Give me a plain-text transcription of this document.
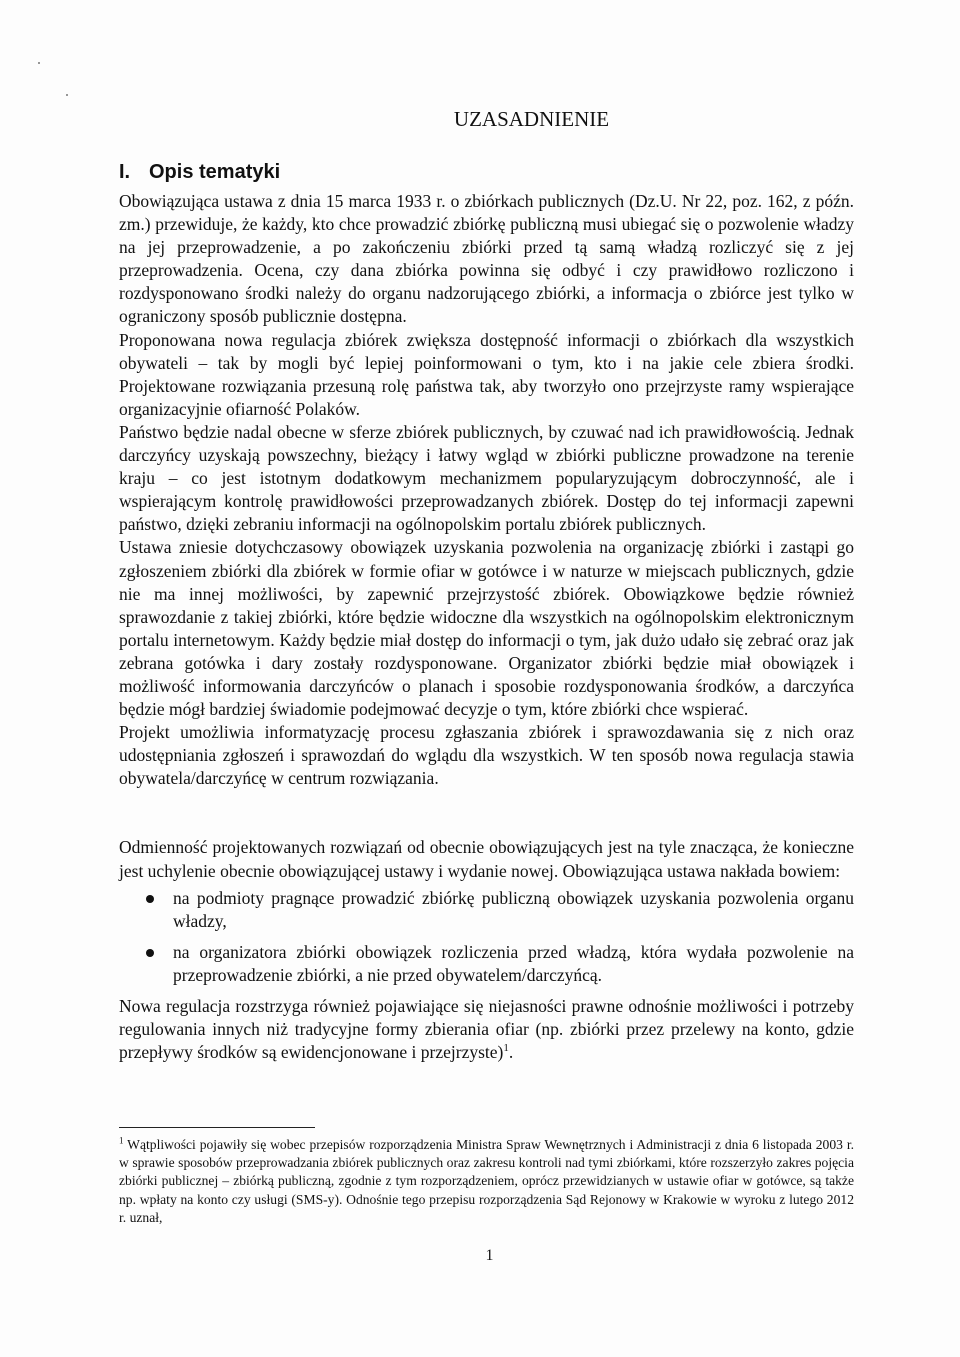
UZASADNIENIE
I. Opis tematyki

Obowiązująca ustawa z dnia 15 marca 1933 r. o zbiórkach publicznych (Dz.U. Nr 22, poz. 162, z późn. zm.) przewiduje, że każdy, kto chce prowadzić zbiórkę publiczną musi ubiegać się o pozwolenie władzy na jej przeprowadzenie, a po zakończeniu zbiórki przed tą samą władzą rozliczyć się z jej przeprowadzenia. Ocena, czy dana zbiórka powinna się odbyć i czy prawidłowo rozliczono i rozdysponowano środki należy do organu nadzorującego zbiórki, a informacja o zbiórce jest tylko w ograniczony sposób publicznie dostępna.

Proponowana nowa regulacja zbiórek zwiększa dostępność informacji o zbiórkach dla wszystkich obywateli – tak by mogli być lepiej poinformowani o tym, kto i na jakie cele zbiera środki. Projektowane rozwiązania przesuną rolę państwa tak, aby tworzyło ono przejrzyste ramy wspierające organizacyjnie ofiarność Polaków.

Państwo będzie nadal obecne w sferze zbiórek publicznych, by czuwać nad ich prawidłowością. Jednak darczyńcy uzyskają powszechny, bieżący i łatwy wgląd w zbiórki publiczne prowadzone na terenie kraju – co jest istotnym dodatkowym mechanizmem popularyzującym dobroczynność, ale i wspierającym kontrolę prawidłowości przeprowadzanych zbiórek. Dostęp do tej informacji zapewni państwo, dzięki zebraniu informacji na ogólnopolskim portalu zbiórek publicznych.

Ustawa zniesie dotychczasowy obowiązek uzyskania pozwolenia na organizację zbiórki i zastąpi go zgłoszeniem zbiórki dla zbiórek w formie ofiar w gotówce i w naturze w miejscach publicznych, gdzie nie ma innej możliwości, by zapewnić przejrzystość zbiórek. Obowiązkowe będzie również sprawozdanie z takiej zbiórki, które będzie widoczne dla wszystkich na ogólnopolskim elektronicznym portalu internetowym. Każdy będzie miał dostęp do informacji o tym, jak dużo udało się zebrać oraz jak zebrana gotówka i dary zostały rozdysponowane. Organizator zbiórki będzie miał obowiązek i możliwość informowania darczyńców o planach i sposobie rozdysponowania środków, a darczyńca będzie mógł bardziej świadomie podejmować decyzje o tym, które zbiórki chce wspierać.

Projekt umożliwia informatyzację procesu zgłaszania zbiórek i sprawozdawania się z nich oraz udostępniania zgłoszeń i sprawozdań do wglądu dla wszystkich. W ten sposób nowa regulacja stawia obywatela/darczyńcę w centrum rozwiązania.

Odmienność projektowanych rozwiązań od obecnie obowiązujących jest na tyle znacząca, że konieczne jest uchylenie obecnie obowiązującej ustawy i wydanie nowej. Obowiązująca ustawa nakłada bowiem:

na podmioty pragnące prowadzić zbiórkę publiczną obowiązek uzyskania pozwolenia organu władzy,
na organizatora zbiórki obowiązek rozliczenia przed władzą, która wydała pozwolenie na przeprowadzenie zbiórki, a nie przed obywatelem/darczyńcą.

Nowa regulacja rozstrzyga również pojawiające się niejasności prawne odnośnie możliwości i potrzeby regulowania innych niż tradycyjne formy zbierania ofiar (np. zbiórki przez przelewy na konto, gdzie przepływy środków są ewidencjonowane i przejrzyste)$^1$.

$^1$ Wątpliwości pojawiły się wobec przepisów rozporządzenia Ministra Spraw Wewnętrznych i Administracji z dnia 6 listopada 2003 r. w sprawie sposobów przeprowadzania zbiórek publicznych oraz zakresu kontroli nad tymi zbiórkami, które rozszerzyło zakres pojęcia zbiórki publicznej – zbiórką publiczną, zgodnie z tym rozporządzeniem, oprócz przewidzianych w ustawie ofiar w gotówce, są także np. wpłaty na konto czy usługi (SMS-y). Odnośnie tego przepisu rozporządzenia Sąd Rejonowy w Krakowie w wyroku z lutego 2012 r. uznał,

1
